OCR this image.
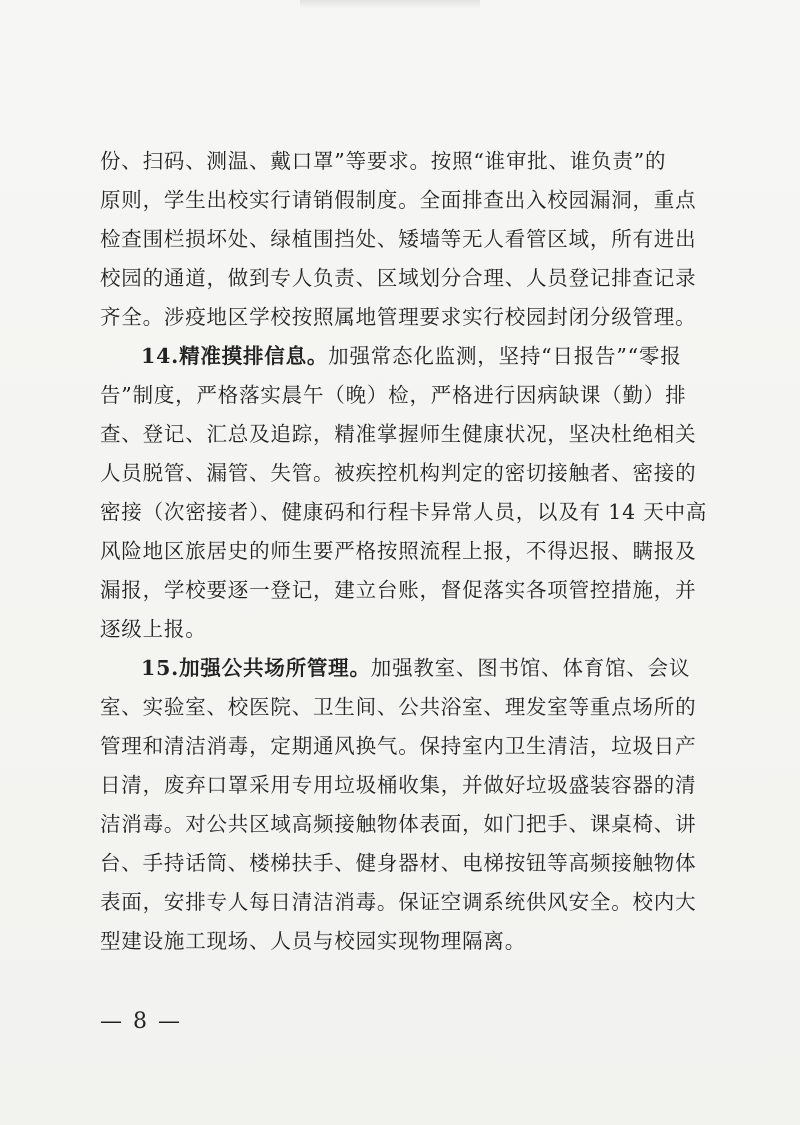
份、扫码、测温、戴口罩”等要求。按照“谁审批、谁负责”的
原则，学生出校实行请销假制度。全面排查出入校园漏洞，重点
检查围栏损坏处、绿植围挡处、矮墙等无人看管区域，所有进出
校园的通道，做到专人负责、区域划分合理、人员登记排查记录
齐全。涉疫地区学校按照属地管理要求实行校园封闭分级管理。
14.精准摸排信息。加强常态化监测，坚持“日报告”“零报
告”制度，严格落实晨午（晚）检，严格进行因病缺课（勤）排
查、登记、汇总及追踪，精准掌握师生健康状况，坚决杜绝相关
人员脱管、漏管、失管。被疾控机构判定的密切接触者、密接的
密接（次密接者）、健康码和行程卡异常人员，以及有 14 天中高
风险地区旅居史的师生要严格按照流程上报，不得迟报、瞒报及
漏报，学校要逐一登记，建立台账，督促落实各项管控措施，并
逐级上报。
15.加强公共场所管理。加强教室、图书馆、体育馆、会议
室、实验室、校医院、卫生间、公共浴室、理发室等重点场所的
管理和清洁消毒，定期通风换气。保持室内卫生清洁，垃圾日产
日清，废弃口罩采用专用垃圾桶收集，并做好垃圾盛装容器的清
洁消毒。对公共区域高频接触物体表面，如门把手、课桌椅、讲
台、手持话筒、楼梯扶手、健身器材、电梯按钮等高频接触物体
表面，安排专人每日清洁消毒。保证空调系统供风安全。校内大
型建设施工现场、人员与校园实现物理隔离。
— 8 —
